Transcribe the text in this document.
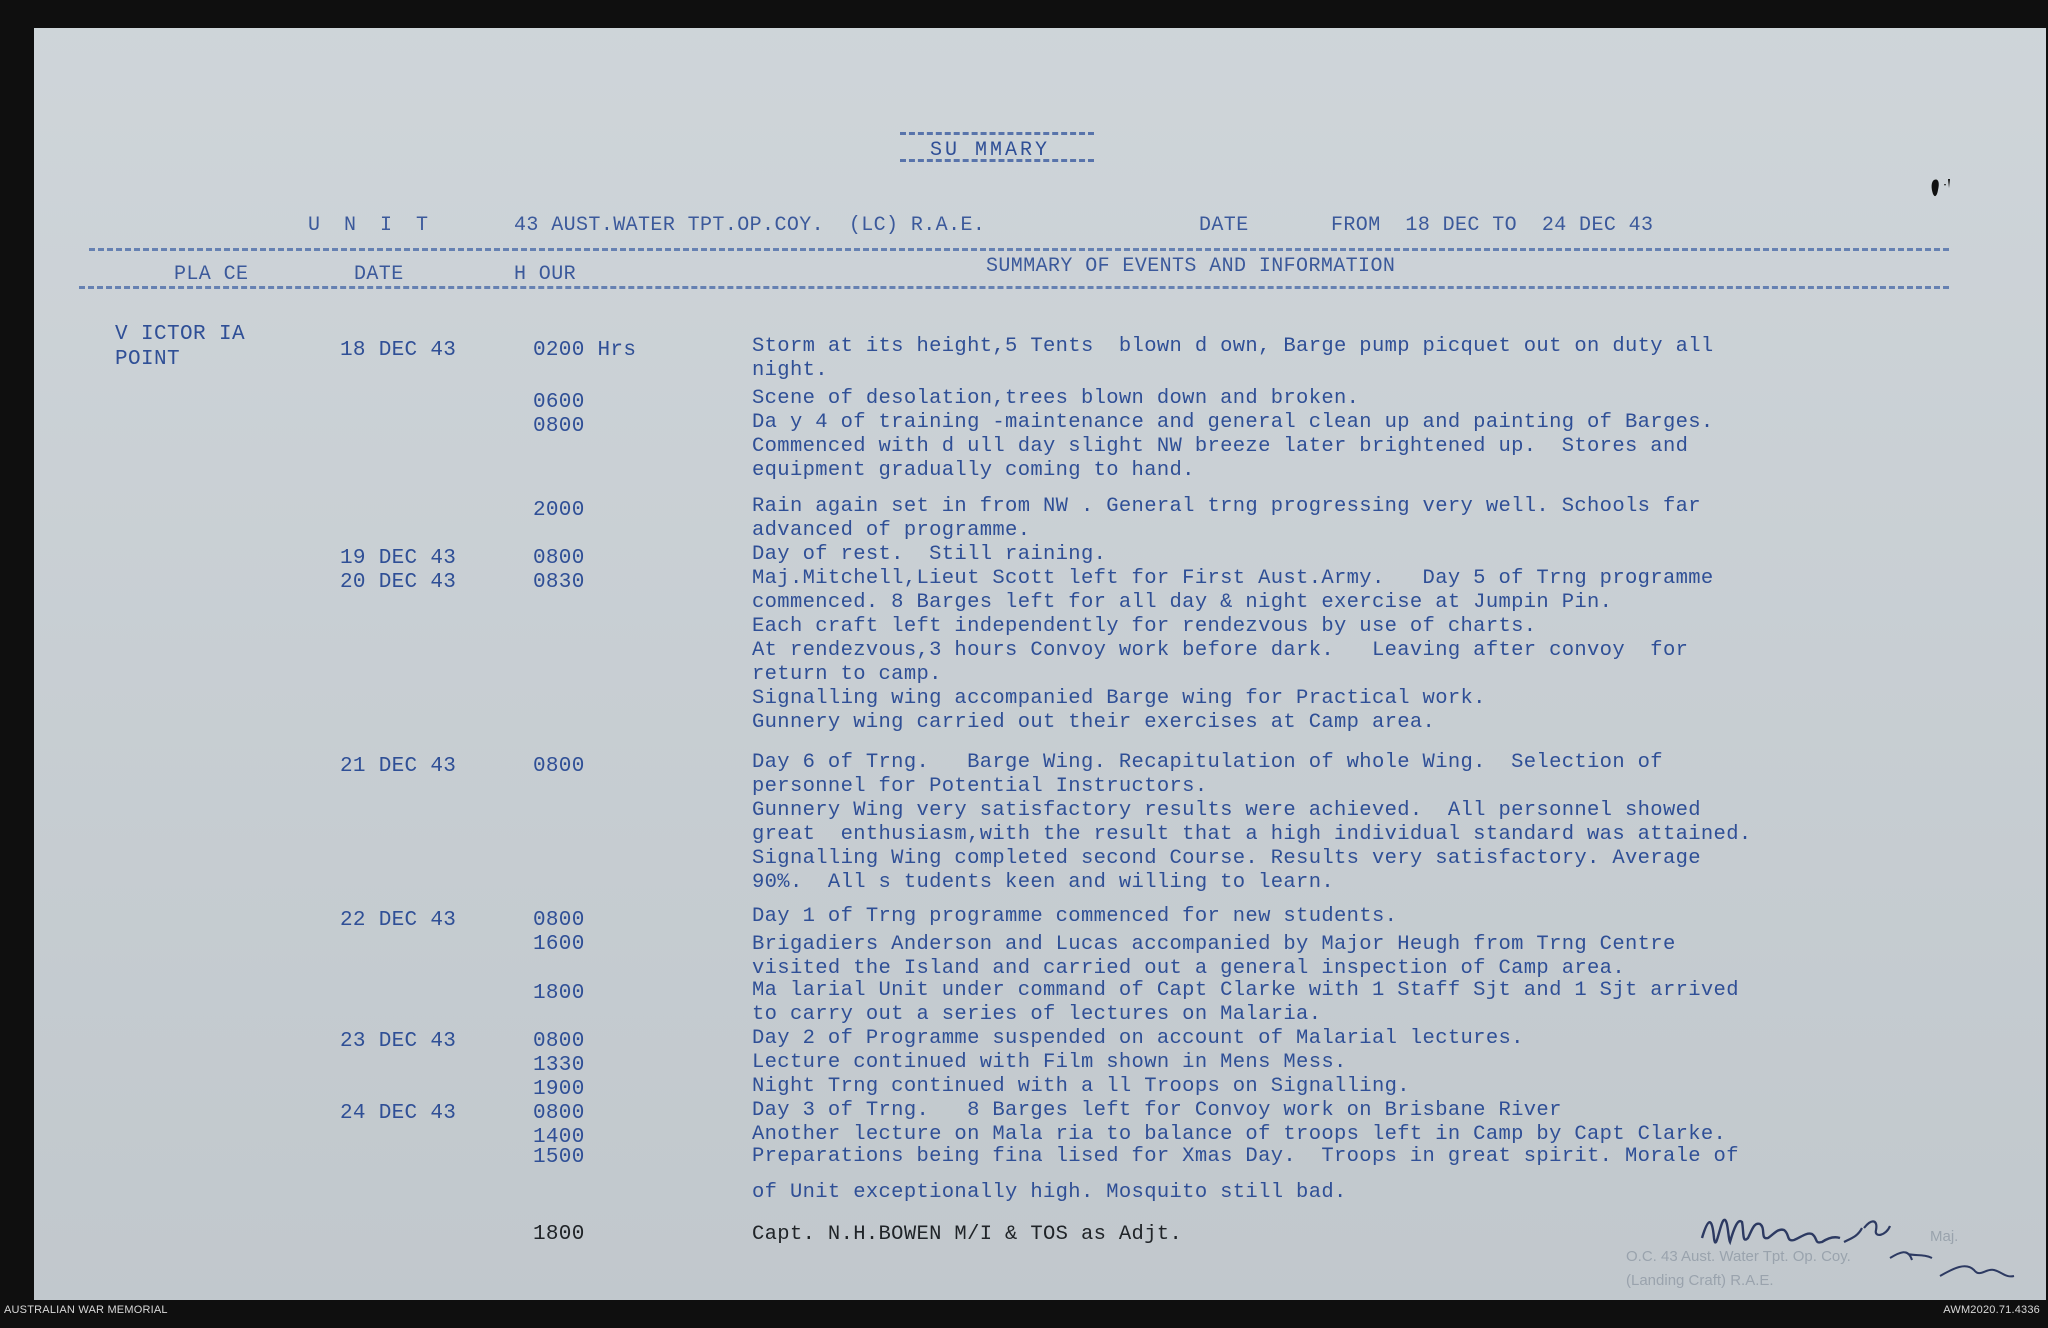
SU MMARY
U N I T	43 AUST.WATER TPT.OP.COY.  (LC) R.A.E.	DATE	FROM  18 DEC TO  24 DEC 43
PLA CE	DATE	H OUR	SUMMARY OF EVENTS AND INFORMATION
V ICTOR IA
POINT	18 DEC 43	0200 Hrs	Storm at its height,5 Tents  blown d own, Barge pump picquet out on duty all
night.
0600	Scene of desolation,trees blown down and broken.
0800	Da y 4 of training -maintenance and general clean up and painting of Barges.
Commenced with d ull day slight NW breeze later brightened up.  Stores and
equipment gradually coming to hand.
2000	Rain again set in from NW . General trng progressing very well. Schools far
advanced of programme.
19 DEC 43	0800	Day of rest.  Still raining.
20 DEC 43	0830	Maj.Mitchell,Lieut Scott left for First Aust.Army.   Day 5 of Trng programme
commenced. 8 Barges left for all day & night exercise at Jumpin Pin.
Each craft left independently for rendezvous by use of charts.
At rendezvous,3 hours Convoy work before dark.   Leaving after convoy  for
return to camp.
Signalling wing accompanied Barge wing for Practical work.
Gunnery wing carried out their exercises at Camp area.
21 DEC 43	0800	Day 6 of Trng.   Barge Wing. Recapitulation of whole Wing.  Selection of
personnel for Potential Instructors.
Gunnery Wing very satisfactory results were achieved.  All personnel showed
great  enthusiasm,with the result that a high individual standard was attained.
Signalling Wing completed second Course. Results very satisfactory. Average
90%.  All s tudents keen and willing to learn.
22 DEC 43	0800	Day 1 of Trng programme commenced for new students.
1600	Brigadiers Anderson and Lucas accompanied by Major Heugh from Trng Centre
visited the Island and carried out a general inspection of Camp area.
1800	Ma larial Unit under command of Capt Clarke with 1 Staff Sjt and 1 Sjt arrived
to carry out a series of lectures on Malaria.
23 DEC 43	0800	Day 2 of Programme suspended on account of Malarial lectures.
1330	Lecture continued with Film shown in Mens Mess.
1900	Night Trng continued with a ll Troops on Signalling.
24 DEC 43	0800	Day 3 of Trng.   8 Barges left for Convoy work on Brisbane River
1400	Another lecture on Mala ria to balance of troops left in Camp by Capt Clarke.
1500	Preparations being fina lised for Xmas Day.  Troops in great spirit. Morale of
of Unit exceptionally high. Mosquito still bad.
1800	Capt. N.H.BOWEN M/I & TOS as Adjt.	Maj.
O.C. 43 Aust. Water Tpt. Op. Coy.
(Landing Craft) R.A.E.
AUSTRALIAN WAR MEMORIAL	AWM2020.71.4336
